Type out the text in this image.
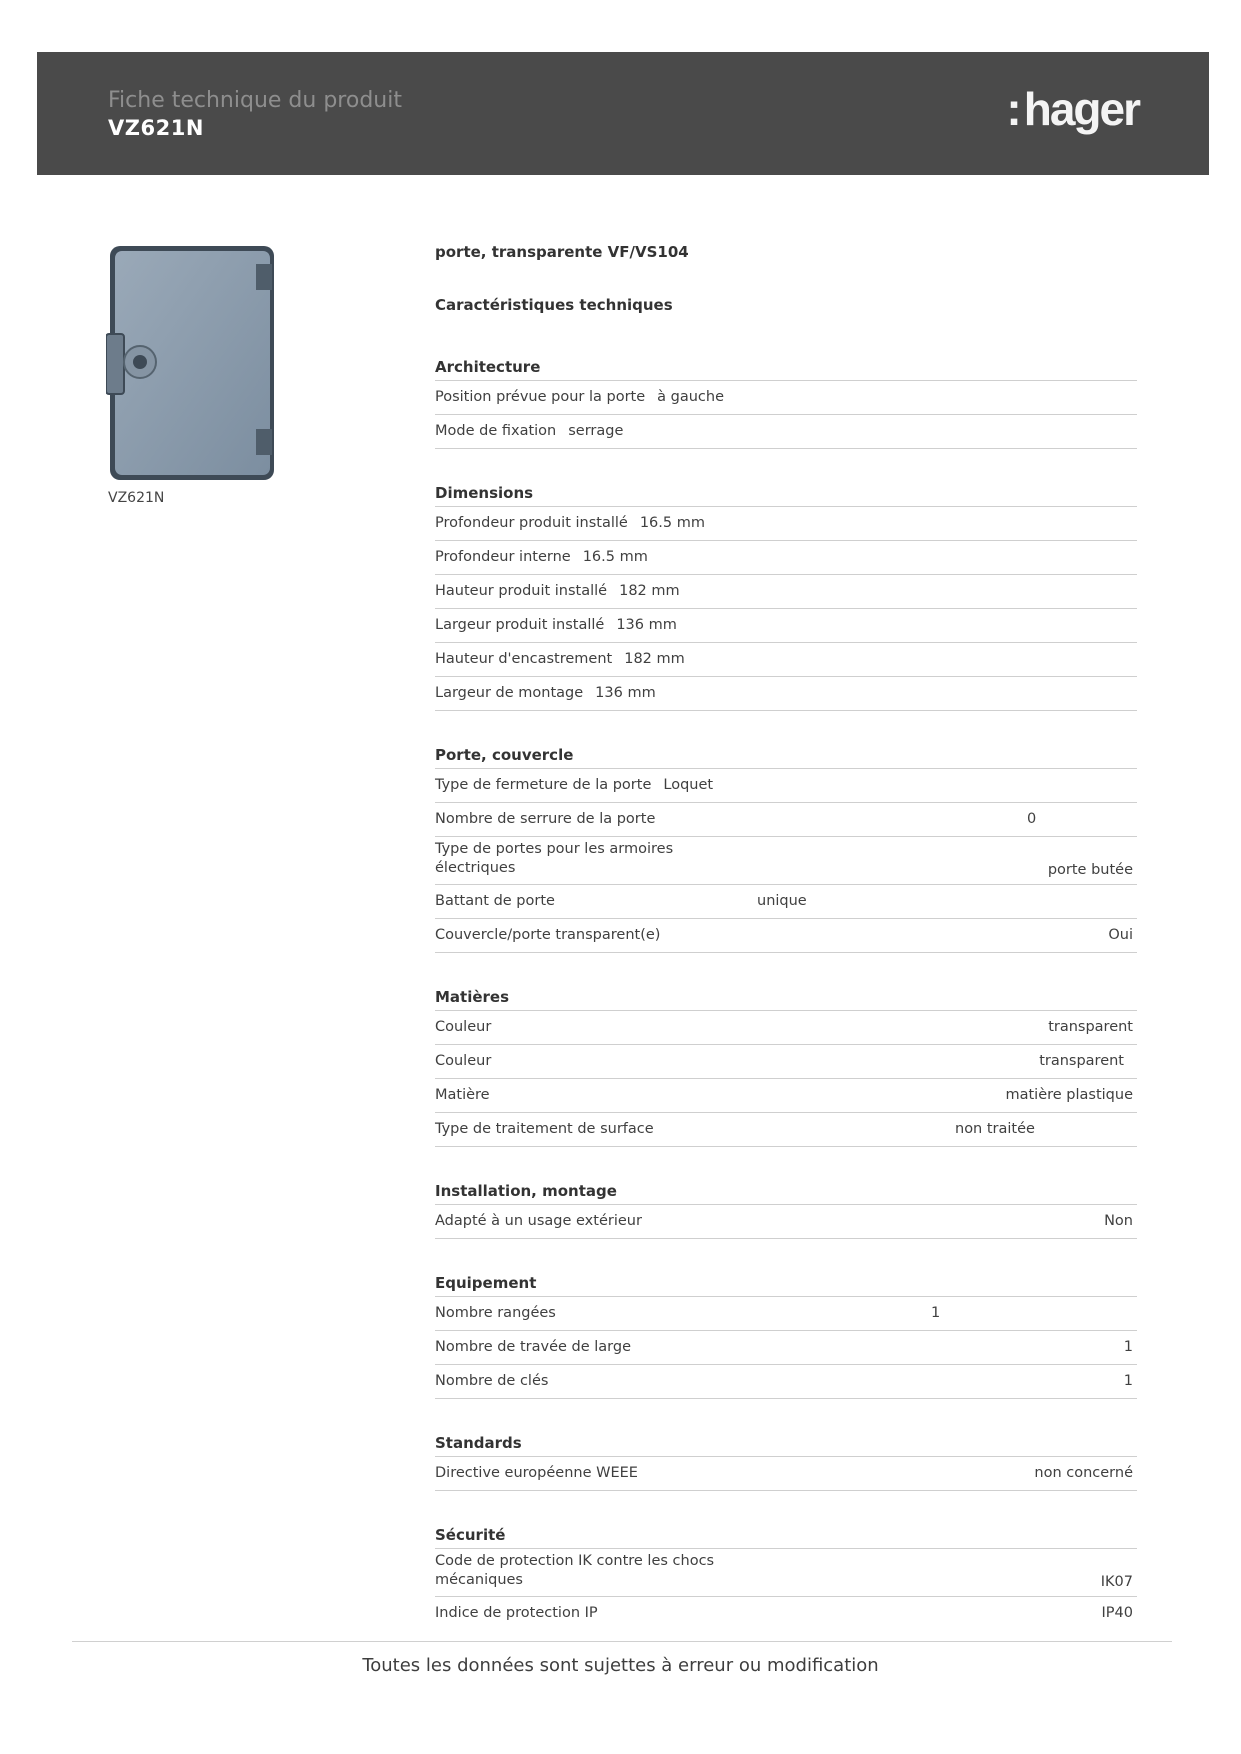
Fiche technique du produit
VZ621N	:hager
VZ621N
porte, transparente VF/VS104
Caractéristiques techniques
Architecture
Position prévue pour la porte à gauche
Mode de fixation serrage
Dimensions
Profondeur produit installé 16.5 mm
Profondeur interne 16.5 mm
Hauteur produit installé 182 mm
Largeur produit installé 136 mm
Hauteur d'encastrement 182 mm
Largeur de montage 136 mm
Porte, couvercle
Type de fermeture de la porte Loquet
Nombre de serrure de la porte	0
Type de portes pour les armoires électriques	porte butée
Battant de porte	unique
Couvercle/porte transparent(e)	Oui
Matières
Couleur	transparent
Couleur	transparent
Matière	matière plastique
Type de traitement de surface	non traitée
Installation, montage
Adapté à un usage extérieur	Non
Equipement
Nombre rangées	1
Nombre de travée de large	1
Nombre de clés	1
Standards
Directive européenne WEEE	non concerné
Sécurité
Code de protection IK contre les chocs mécaniques	IK07
Indice de protection IP	IP40
Toutes les données sont sujettes à erreur ou modification
